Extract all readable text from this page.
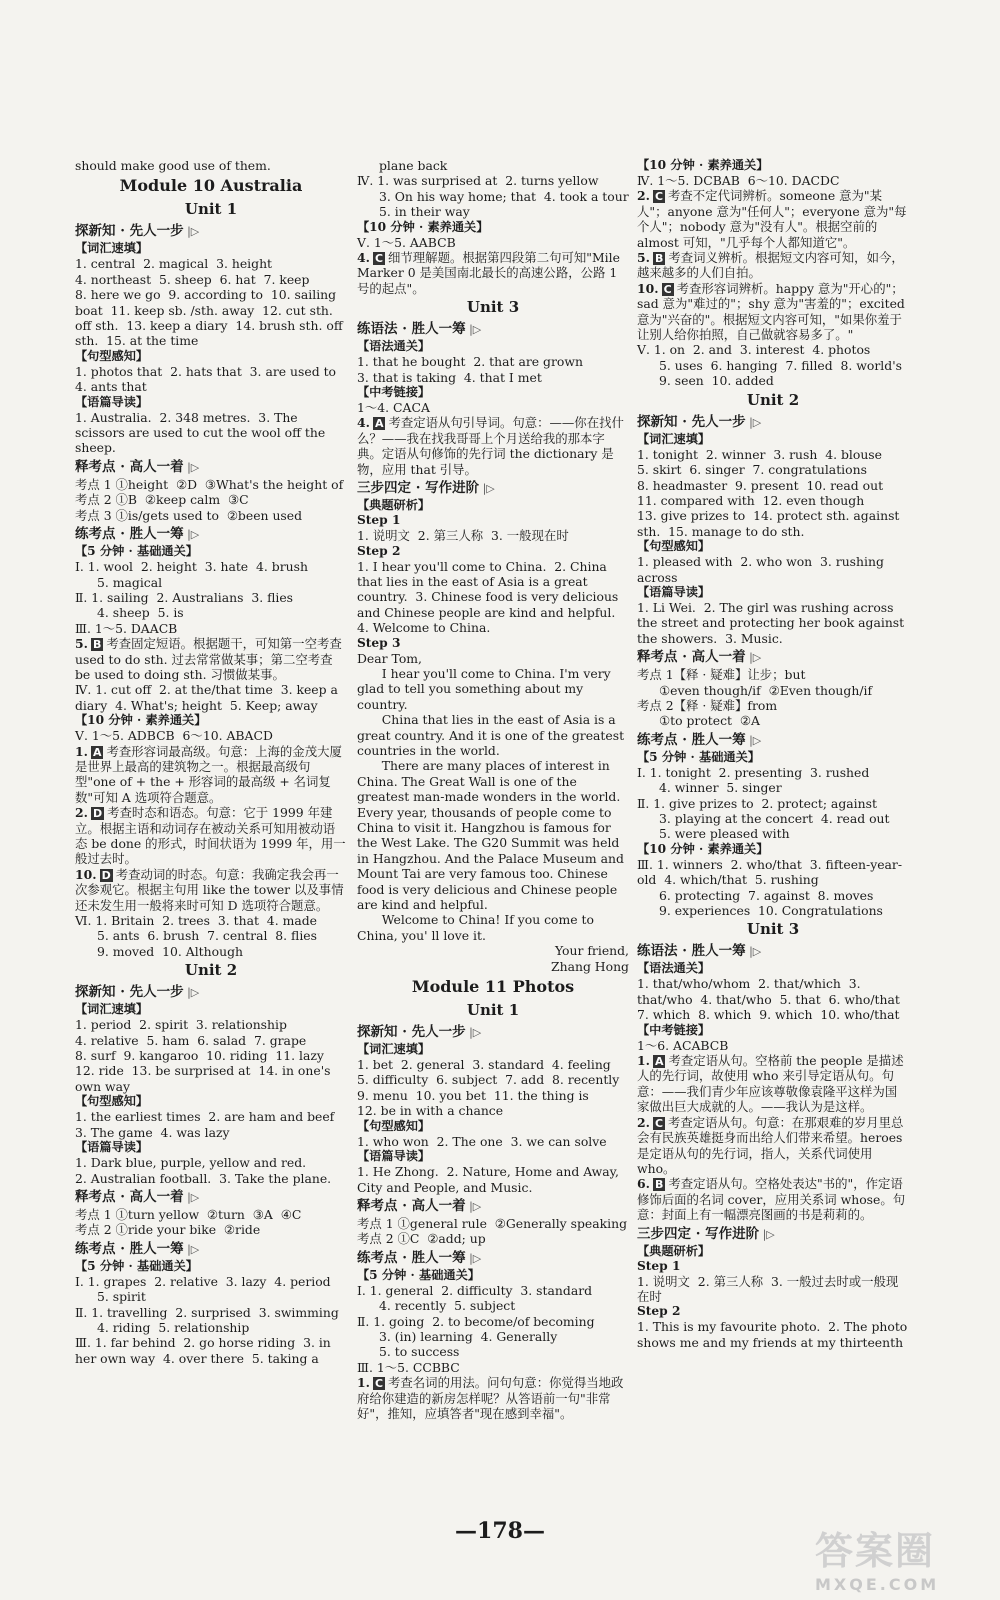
should make good use of them.
Module 10 Australia
Unit 1
探新知 · 先人一步 |▷
【词汇速填】
1. central  2. magical  3. height
4. northeast  5. sheep  6. hat  7. keep
8. here we go  9. according to  10. sailing boat  11. keep sb. /sth. away  12. cut sth. off sth.  13. keep a diary  14. brush sth. off sth.  15. at the time
【句型感知】
1. photos that  2. hats that  3. are used to
4. ants that
【语篇导读】
1. Australia.  2. 348 metres.  3. The scissors are used to cut the wool off the sheep.
释考点 · 高人一着 |▷
考点 1 ①height  ②D  ③What's the height of
考点 2 ①B  ②keep calm  ③C
考点 3 ①is/gets used to  ②been used
练考点 · 胜人一筹 |▷
【5 分钟 · 基础通关】
Ⅰ. 1. wool  2. height  3. hate  4. brush
5. magical
Ⅱ. 1. sailing  2. Australians  3. flies
4. sheep  5. is
Ⅲ. 1～5. DAACB
5. B 考查固定短语。根据题干，可知第一空考查 used to do sth. 过去常常做某事；第二空考查 be used to doing sth. 习惯做某事。
Ⅳ. 1. cut off  2. at the/that time  3. keep a diary  4. What's; height  5. Keep; away
【10 分钟 · 素养通关】
Ⅴ. 1～5. ADBCB  6～10. ABACD
1. A 考查形容词最高级。句意：上海的金茂大厦是世界上最高的建筑物之一。根据最高级句型"one of + the + 形容词的最高级 + 名词复数"可知 A 选项符合题意。
2. D 考查时态和语态。句意：它于 1999 年建立。根据主语和动词存在被动关系可知用被动语态 be done 的形式，时间状语为 1999 年，用一般过去时。
10. D 考查动词的时态。句意：我确定我会再一次参观它。根据主句用 like the tower 以及事情还未发生用一般将来时可知 D 选项符合题意。
Ⅵ. 1. Britain  2. trees  3. that  4. made
5. ants  6. brush  7. central  8. flies
9. moved  10. Although
Unit 2
探新知 · 先人一步 |▷
【词汇速填】
1. period  2. spirit  3. relationship
4. relative  5. ham  6. salad  7. grape
8. surf  9. kangaroo  10. riding  11. lazy
12. ride  13. be surprised at  14. in one's own way
【句型感知】
1. the earliest times  2. are ham and beef
3. The game  4. was lazy
【语篇导读】
1. Dark blue, purple, yellow and red.
2. Australian football.  3. Take the plane.
释考点 · 高人一着 |▷
考点 1 ①turn yellow  ②turn  ③A  ④C
考点 2 ①ride your bike  ②ride
练考点 · 胜人一筹 |▷
【5 分钟 · 基础通关】
Ⅰ. 1. grapes  2. relative  3. lazy  4. period
5. spirit
Ⅱ. 1. travelling  2. surprised  3. swimming
4. riding  5. relationship
Ⅲ. 1. far behind  2. go horse riding  3. in her own way  4. over there  5. taking a
plane back
Ⅳ. 1. was surprised at  2. turns yellow
3. On his way home; that  4. took a tour
5. in their way
【10 分钟 · 素养通关】
Ⅴ. 1～5. AABCB
4. C 细节理解题。根据第四段第二句可知"Mile Marker 0 是美国南北最长的高速公路，公路 1 号的起点"。
Unit 3
练语法 · 胜人一筹 |▷
【语法通关】
1. that he bought  2. that are grown
3. that is taking  4. that I met
【中考链接】
1～4. CACA
4. A 考查定语从句引导词。句意：——你在找什么？——我在找我哥哥上个月送给我的那本字典。定语从句修饰的先行词 the dictionary 是物，应用 that 引导。
三步四定 · 写作进阶 |▷
【典题研析】
Step 1
1. 说明文  2. 第三人称  3. 一般现在时
Step 2
1. I hear you'll come to China.  2. China that lies in the east of Asia is a great country.  3. Chinese food is very delicious and Chinese people are kind and helpful.
4. Welcome to China.
Step 3
Dear Tom,
I hear you'll come to China. I'm very glad to tell you something about my country.
China that lies in the east of Asia is a great country. And it is one of the greatest countries in the world.
There are many places of interest in China. The Great Wall is one of the greatest man-made wonders in the world. Every year, thousands of people come to China to visit it. Hangzhou is famous for the West Lake. The G20 Summit was held in Hangzhou. And the Palace Museum and Mount Tai are very famous too. Chinese food is very delicious and Chinese people are kind and helpful.
Welcome to China! If you come to China, you' ll love it.
Your friend,
Zhang Hong
Module 11 Photos
Unit 1
探新知 · 先人一步 |▷
【词汇速填】
1. bet  2. general  3. standard  4. feeling
5. difficulty  6. subject  7. add  8. recently
9. menu  10. you bet  11. the thing is
12. be in with a chance
【句型感知】
1. who won  2. The one  3. we can solve
【语篇导读】
1. He Zhong.  2. Nature, Home and Away, City and People, and Music.
释考点 · 高人一着 |▷
考点 1 ①general rule  ②Generally speaking
考点 2 ①C  ②add; up
练考点 · 胜人一筹 |▷
【5 分钟 · 基础通关】
Ⅰ. 1. general  2. difficulty  3. standard
4. recently  5. subject
Ⅱ. 1. going  2. to become/of becoming
3. (in) learning  4. Generally
5. to success
Ⅲ. 1～5. CCBBC
1. C 考查名词的用法。问句句意：你觉得当地政府给你建造的新房怎样呢？从答语前一句"非常好"，推知，应填答者"现在感到幸福"。
【10 分钟 · 素养通关】
Ⅳ. 1～5. DCBAB  6～10. DACDC
2. C 考查不定代词辨析。someone 意为"某人"；anyone 意为"任何人"；everyone 意为"每个人"；nobody 意为"没有人"。根据空前的 almost 可知，"几乎每个人都知道它"。
5. B 考查词义辨析。根据短文内容可知，如今，越来越多的人们自拍。
10. C 考查形容词辨析。happy 意为"开心的"；sad 意为"难过的"；shy 意为"害羞的"；excited 意为"兴奋的"。根据短文内容可知，"如果你羞于让别人给你拍照，自己做就容易多了。"
Ⅴ. 1. on  2. and  3. interest  4. photos
5. uses  6. hanging  7. filled  8. world's
9. seen  10. added
Unit 2
探新知 · 先人一步 |▷
【词汇速填】
1. tonight  2. winner  3. rush  4. blouse
5. skirt  6. singer  7. congratulations
8. headmaster  9. present  10. read out
11. compared with  12. even though
13. give prizes to  14. protect sth. against sth.  15. manage to do sth.
【句型感知】
1. pleased with  2. who won  3. rushing across
【语篇导读】
1. Li Wei.  2. The girl was rushing across the street and protecting her book against the showers.  3. Music.
释考点 · 高人一着 |▷
考点 1【释 · 疑难】让步；but
①even though/if  ②Even though/if
考点 2【释 · 疑难】from
①to protect  ②A
练考点 · 胜人一筹 |▷
【5 分钟 · 基础通关】
Ⅰ. 1. tonight  2. presenting  3. rushed
4. winner  5. singer
Ⅱ. 1. give prizes to  2. protect; against
3. playing at the concert  4. read out
5. were pleased with
【10 分钟 · 素养通关】
Ⅲ. 1. winners  2. who/that  3. fifteen-year-old  4. which/that  5. rushing
6. protecting  7. against  8. moves
9. experiences  10. Congratulations
Unit 3
练语法 · 胜人一筹 |▷
【语法通关】
1. that/who/whom  2. that/which  3. that/who  4. that/who  5. that  6. who/that
7. which  8. which  9. which  10. who/that
【中考链接】
1～6. ACABCB
1. A 考查定语从句。空格前 the people 是描述人的先行词，故使用 who 来引导定语从句。句意：——我们青少年应该尊敬像袁隆平这样为国家做出巨大成就的人。——我认为是这样。
2. C 考查定语从句。句意：在那艰难的岁月里总会有民族英雄挺身而出给人们带来希望。heroes 是定语从句的先行词，指人，关系代词使用 who。
6. B 考查定语从句。空格处表达"书的"，作定语修饰后面的名词 cover，应用关系词 whose。句意：封面上有一幅漂亮图画的书是莉莉的。
三步四定 · 写作进阶 |▷
【典题研析】
Step 1
1. 说明文  2. 第三人称  3. 一般过去时或一般现在时
Step 2
1. This is my favourite photo.  2. The photo shows me and my friends at my thirteenth
—178—	答案圈
MXQE.COM
